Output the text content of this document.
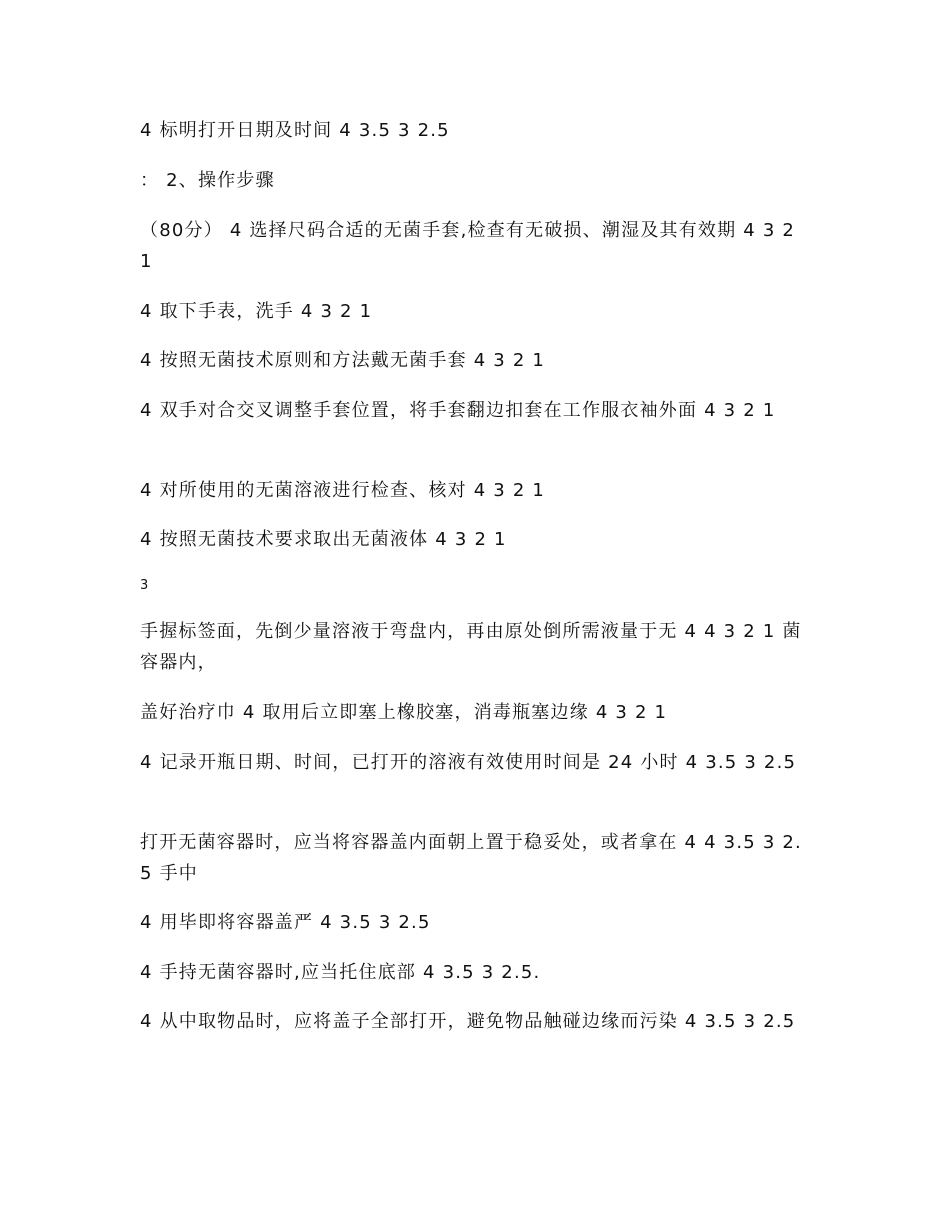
4 标明打开日期及时间 4 3.5 3 2.5

： 2、操作步骤

（80分） 4 选择尺码合适的无菌手套,检查有无破损、潮湿及其有效期 4 3 2 1

4 取下手表，洗手 4 3 2 1

4 按照无菌技术原则和方法戴无菌手套 4 3 2 1

4 双手对合交叉调整手套位置，将手套翻边扣套在工作服衣袖外面 4 3 2 1

4 对所使用的无菌溶液进行检查、核对 4 3 2 1

4 按照无菌技术要求取出无菌液体 4 3 2 1

3

手握标签面，先倒少量溶液于弯盘内，再由原处倒所需液量于无 4 4 3 2 1 菌容器内，

盖好治疗巾 4 取用后立即塞上橡胶塞，消毒瓶塞边缘 4 3 2 1

4 记录开瓶日期、时间，已打开的溶液有效使用时间是 24 小时 4 3.5 3 2.5

打开无菌容器时，应当将容器盖内面朝上置于稳妥处，或者拿在 4 4 3.5 3 2.5 手中

4 用毕即将容器盖严 4 3.5 3 2.5

4 手持无菌容器时,应当托住底部 4 3.5 3 2.5.

4 从中取物品时，应将盖子全部打开，避免物品触碰边缘而污染 4 3.5 3 2.5
